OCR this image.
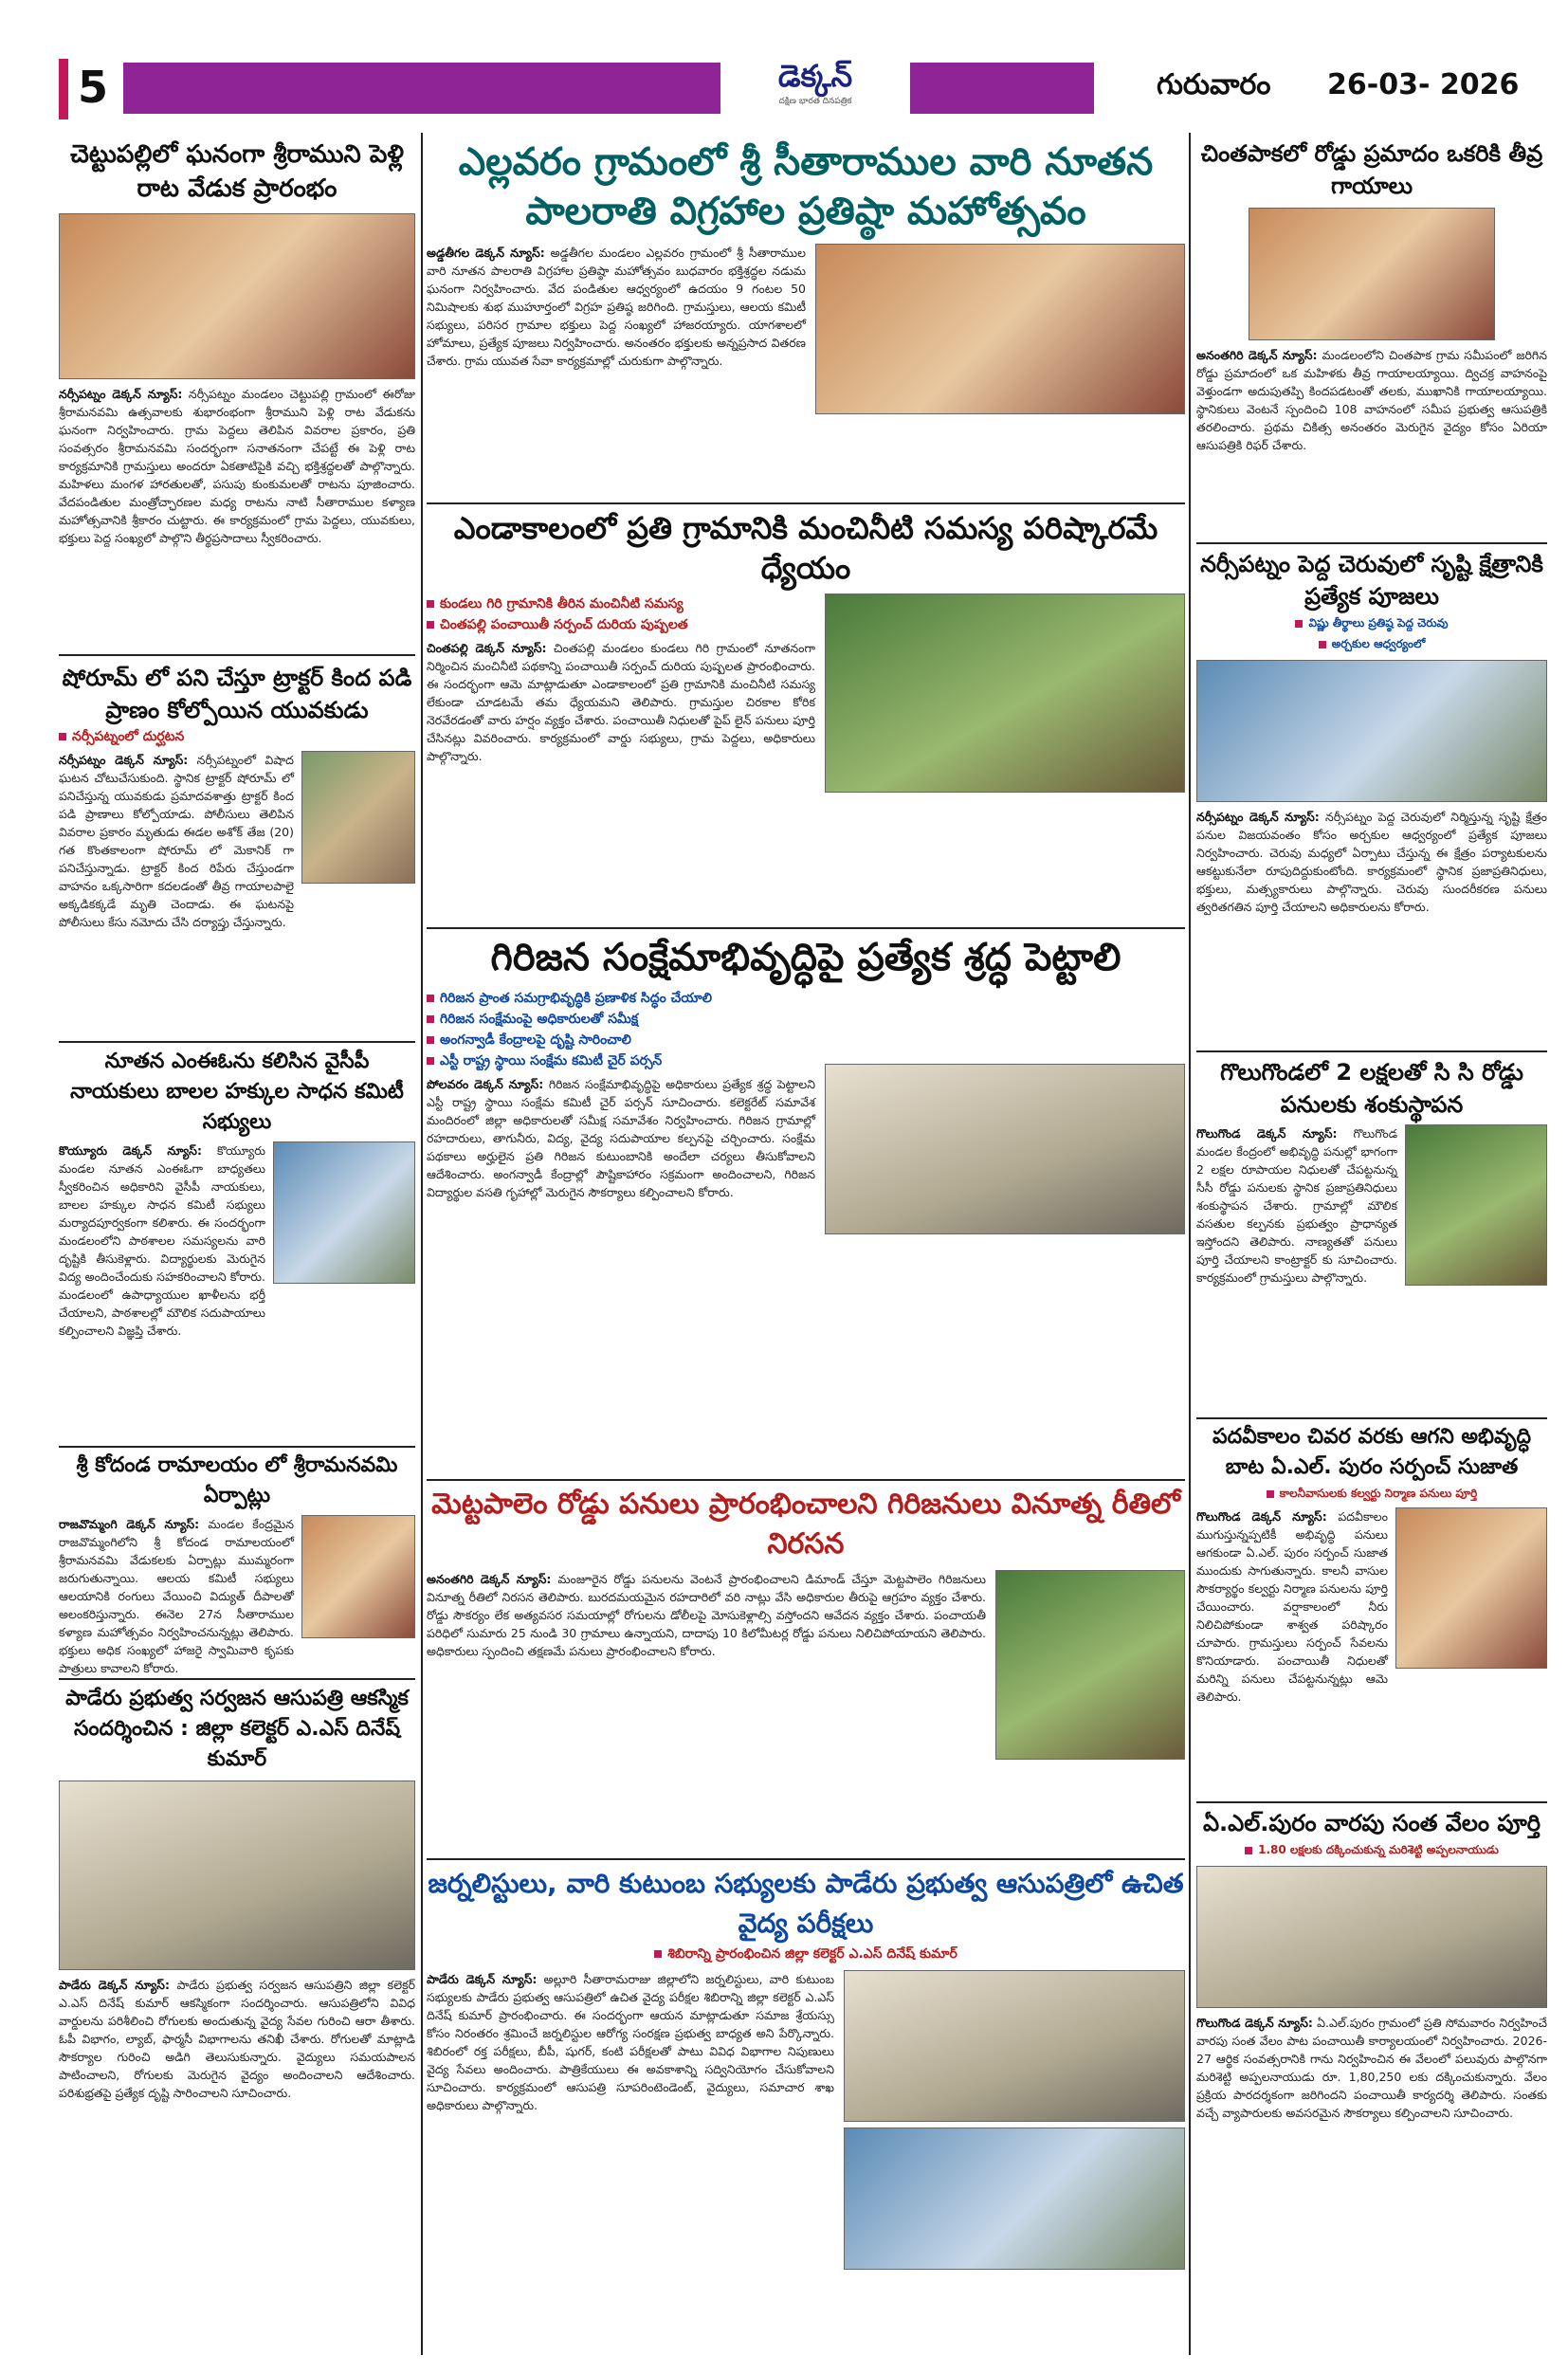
5	డెక్కన్
దక్షిణ భారత దినపత్రిక	గురువారం 26-03- 2026
చెట్టుపల్లిలో ఘనంగా శ్రీరాముని పెళ్లి రాట వేడుక ప్రారంభం
నర్సీపట్నం డెక్కన్ న్యూస్: నర్సీపట్నం మండలం చెట్టుపల్లి గ్రామంలో ఈరోజు శ్రీరామనవమి ఉత్సవాలకు శుభారంభంగా శ్రీరాముని పెళ్లి రాట వేడుకను ఘనంగా నిర్వహించారు. గ్రామ పెద్దలు తెలిపిన వివరాల ప్రకారం, ప్రతి సంవత్సరం శ్రీరామనవమి సందర్భంగా సనాతనంగా చేపట్టే ఈ పెళ్లి రాట కార్యక్రమానికి గ్రామస్తులు అందరూ ఏకతాటిపైకి వచ్చి భక్తిశ్రద్ధలతో పాల్గొన్నారు. మహిళలు మంగళ హారతులతో, పసుపు కుంకుమలతో రాటను పూజించారు. వేదపండితుల మంత్రోచ్ఛారణల మధ్య రాటను నాటి సీతారాముల కళ్యాణ మహోత్సవానికి శ్రీకారం చుట్టారు. ఈ కార్యక్రమంలో గ్రామ పెద్దలు, యువకులు, భక్తులు పెద్ద సంఖ్యలో పాల్గొని తీర్థప్రసాదాలు స్వీకరించారు.
షోరూమ్ లో పని చేస్తూ ట్రాక్టర్ కింద పడి ప్రాణం కోల్పోయిన యువకుడు
నర్సీపట్నంలో దుర్ఘటన
నర్సీపట్నం డెక్కన్ న్యూస్: నర్సీపట్నంలో విషాద ఘటన చోటుచేసుకుంది. స్థానిక ట్రాక్టర్ షోరూమ్ లో పనిచేస్తున్న యువకుడు ప్రమాదవశాత్తు ట్రాక్టర్ కింద పడి ప్రాణాలు కోల్పోయాడు. పోలీసులు తెలిపిన వివరాల ప్రకారం మృతుడు ఈడల అశోక్ తేజ (20) గత కొంతకాలంగా షోరూమ్ లో మెకానిక్ గా పనిచేస్తున్నాడు. ట్రాక్టర్ కింద రిపేరు చేస్తుండగా వాహనం ఒక్కసారిగా కదలడంతో తీవ్ర గాయాలపాలై అక్కడికక్కడే మృతి చెందాడు. ఈ ఘటనపై పోలీసులు కేసు నమోదు చేసి దర్యాప్తు చేస్తున్నారు.
నూతన ఎంఈఓను కలిసిన వైసీపీ నాయకులు బాలల హక్కుల సాధన కమిటీ సభ్యులు
కొయ్యూరు డెక్కన్ న్యూస్: కొయ్యూరు మండల నూతన ఎంఈఓగా బాధ్యతలు స్వీకరించిన అధికారిని వైసీపీ నాయకులు, బాలల హక్కుల సాధన కమిటీ సభ్యులు మర్యాదపూర్వకంగా కలిశారు. ఈ సందర్భంగా మండలంలోని పాఠశాలల సమస్యలను వారి దృష్టికి తీసుకెళ్లారు. విద్యార్థులకు మెరుగైన విద్య అందించేందుకు సహకరించాలని కోరారు. మండలంలో ఉపాధ్యాయుల ఖాళీలను భర్తీ చేయాలని, పాఠశాలల్లో మౌలిక సదుపాయాలు కల్పించాలని విజ్ఞప్తి చేశారు.
శ్రీ కోదండ రామాలయం లో శ్రీరామనవమి ఏర్పాట్లు
రాజవొమ్మంగి డెక్కన్ న్యూస్: మండల కేంద్రమైన రాజవొమ్మంగిలోని శ్రీ కోదండ రామాలయంలో శ్రీరామనవమి వేడుకలకు ఏర్పాట్లు ముమ్మరంగా జరుగుతున్నాయి. ఆలయ కమిటీ సభ్యులు ఆలయానికి రంగులు వేయించి విద్యుత్ దీపాలతో అలంకరిస్తున్నారు. ఈనెల 27న సీతారాముల కళ్యాణ మహోత్సవం నిర్వహించనున్నట్లు తెలిపారు. భక్తులు అధిక సంఖ్యలో హాజరై స్వామివారి కృపకు పాత్రులు కావాలని కోరారు.
పాడేరు ప్రభుత్వ సర్వజన ఆసుపత్రి ఆకస్మిక సందర్శించిన : జిల్లా కలెక్టర్ ఎ.ఎస్ దినేష్ కుమార్
పాడేరు డెక్కన్ న్యూస్: పాడేరు ప్రభుత్వ సర్వజన ఆసుపత్రిని జిల్లా కలెక్టర్ ఎ.ఎస్ దినేష్ కుమార్ ఆకస్మికంగా సందర్శించారు. ఆసుపత్రిలోని వివిధ వార్డులను పరిశీలించి రోగులకు అందుతున్న వైద్య సేవల గురించి ఆరా తీశారు. ఓపీ విభాగం, ల్యాబ్, ఫార్మసీ విభాగాలను తనిఖీ చేశారు. రోగులతో మాట్లాడి సౌకర్యాల గురించి అడిగి తెలుసుకున్నారు. వైద్యులు సమయపాలన పాటించాలని, రోగులకు మెరుగైన వైద్యం అందించాలని ఆదేశించారు. పరిశుభ్రతపై ప్రత్యేక దృష్టి సారించాలని సూచించారు.
ఎల్లవరం గ్రామంలో శ్రీ సీతారాముల వారి నూతన పాలరాతి విగ్రహాల ప్రతిష్ఠా మహోత్సవం
అడ్డతీగల డెక్కన్ న్యూస్: అడ్డతీగల మండలం ఎల్లవరం గ్రామంలో శ్రీ సీతారాముల వారి నూతన పాలరాతి విగ్రహాల ప్రతిష్ఠా మహోత్సవం బుధవారం భక్తిశ్రద్ధల నడుమ ఘనంగా నిర్వహించారు. వేద పండితుల ఆధ్వర్యంలో ఉదయం 9 గంటల 50 నిమిషాలకు శుభ ముహూర్తంలో విగ్రహ ప్రతిష్ఠ జరిగింది. గ్రామస్తులు, ఆలయ కమిటీ సభ్యులు, పరిసర గ్రామాల భక్తులు పెద్ద సంఖ్యలో హాజరయ్యారు. యాగశాలలో హోమాలు, ప్రత్యేక పూజలు నిర్వహించారు. అనంతరం భక్తులకు అన్నప్రసాద వితరణ చేశారు. గ్రామ యువత సేవా కార్యక్రమాల్లో చురుకుగా పాల్గొన్నారు.
ఎండాకాలంలో ప్రతి గ్రామానికి మంచినీటి సమస్య పరిష్కారమే ధ్యేయం
కుండలు గిరి గ్రామానికి తీరిన మంచినీటి సమస్య
చింతపల్లి పంచాయితీ సర్పంచ్ దురియ పుష్పలత
చింతపల్లి డెక్కన్ న్యూస్: చింతపల్లి మండలం కుండలు గిరి గ్రామంలో నూతనంగా నిర్మించిన మంచినీటి పథకాన్ని పంచాయితీ సర్పంచ్ దురియ పుష్పలత ప్రారంభించారు. ఈ సందర్భంగా ఆమె మాట్లాడుతూ ఎండాకాలంలో ప్రతి గ్రామానికి మంచినీటి సమస్య లేకుండా చూడటమే తమ ధ్యేయమని తెలిపారు. గ్రామస్తుల చిరకాల కోరిక నెరవేరడంతో వారు హర్షం వ్యక్తం చేశారు. పంచాయితీ నిధులతో పైప్ లైన్ పనులు పూర్తి చేసినట్లు వివరించారు. కార్యక్రమంలో వార్డు సభ్యులు, గ్రామ పెద్దలు, అధికారులు పాల్గొన్నారు.
గిరిజన సంక్షేమాభివృద్ధిపై ప్రత్యేక శ్రద్ధ పెట్టాలి
గిరిజన ప్రాంత సమగ్రాభివృద్ధికి ప్రణాళిక సిద్ధం చేయాలి
గిరిజన సంక్షేమంపై అధికారులతో సమీక్ష
అంగన్వాడీ కేంద్రాలపై దృష్టి సారించాలి
ఎస్టీ రాష్ట్ర స్థాయి సంక్షేమ కమిటీ చైర్ పర్సన్
పోలవరం డెక్కన్ న్యూస్: గిరిజన సంక్షేమాభివృద్ధిపై అధికారులు ప్రత్యేక శ్రద్ధ పెట్టాలని ఎస్టీ రాష్ట్ర స్థాయి సంక్షేమ కమిటీ చైర్ పర్సన్ సూచించారు. కలెక్టరేట్ సమావేశ మందిరంలో జిల్లా అధికారులతో సమీక్ష సమావేశం నిర్వహించారు. గిరిజన గ్రామాల్లో రహదారులు, తాగునీరు, విద్య, వైద్య సదుపాయాల కల్పనపై చర్చించారు. సంక్షేమ పథకాలు అర్హులైన ప్రతి గిరిజన కుటుంబానికి అందేలా చర్యలు తీసుకోవాలని ఆదేశించారు. అంగన్వాడీ కేంద్రాల్లో పౌష్టికాహారం సక్రమంగా అందించాలని, గిరిజన విద్యార్థుల వసతి గృహాల్లో మెరుగైన సౌకర్యాలు కల్పించాలని కోరారు.
మెట్టపాలెం రోడ్డు పనులు ప్రారంభించాలని గిరిజనులు వినూత్న రీతిలో నిరసన
అనంతగిరి డెక్కన్ న్యూస్: మంజూరైన రోడ్డు పనులను వెంటనే ప్రారంభించాలని డిమాండ్ చేస్తూ మెట్టపాలెం గిరిజనులు వినూత్న రీతిలో నిరసన తెలిపారు. బురదమయమైన రహదారిలో వరి నాట్లు వేసి అధికారుల తీరుపై ఆగ్రహం వ్యక్తం చేశారు. రోడ్డు సౌకర్యం లేక అత్యవసర సమయాల్లో రోగులను డోలీలపై మోసుకెళ్లాల్సి వస్తోందని ఆవేదన వ్యక్తం చేశారు. పంచాయతీ పరిధిలో సుమారు 25 నుండి 30 గ్రామాలు ఉన్నాయని, దాదాపు 10 కిలోమీటర్ల రోడ్డు పనులు నిలిచిపోయాయని తెలిపారు. అధికారులు స్పందించి తక్షణమే పనులు ప్రారంభించాలని కోరారు.
జర్నలిస్టులు, వారి కుటుంబ సభ్యులకు పాడేరు ప్రభుత్వ ఆసుపత్రిలో ఉచిత వైద్య పరీక్షలు
శిబిరాన్ని ప్రారంభించిన జిల్లా కలెక్టర్ ఎ.ఎస్ దినేష్ కుమార్
పాడేరు డెక్కన్ న్యూస్: అల్లూరి సీతారామరాజు జిల్లాలోని జర్నలిస్టులు, వారి కుటుంబ సభ్యులకు పాడేరు ప్రభుత్వ ఆసుపత్రిలో ఉచిత వైద్య పరీక్షల శిబిరాన్ని జిల్లా కలెక్టర్ ఎ.ఎస్ దినేష్ కుమార్ ప్రారంభించారు. ఈ సందర్భంగా ఆయన మాట్లాడుతూ సమాజ శ్రేయస్సు కోసం నిరంతరం శ్రమించే జర్నలిస్టుల ఆరోగ్య సంరక్షణ ప్రభుత్వ బాధ్యత అని పేర్కొన్నారు. శిబిరంలో రక్త పరీక్షలు, బీపీ, షుగర్, కంటి పరీక్షలతో పాటు వివిధ విభాగాల నిపుణులు వైద్య సేవలు అందించారు. పాత్రికేయులు ఈ అవకాశాన్ని సద్వినియోగం చేసుకోవాలని సూచించారు. కార్యక్రమంలో ఆసుపత్రి సూపరింటెండెంట్, వైద్యులు, సమాచార శాఖ అధికారులు పాల్గొన్నారు.
చింతపాకలో రోడ్డు ప్రమాదం ఒకరికి తీవ్ర గాయాలు
అనంతగిరి డెక్కన్ న్యూస్: మండలంలోని చింతపాక గ్రామ సమీపంలో జరిగిన రోడ్డు ప్రమాదంలో ఒక మహిళకు తీవ్ర గాయాలయ్యాయి. ద్విచక్ర వాహనంపై వెళ్తుండగా అదుపుతప్పి కిందపడటంతో తలకు, ముఖానికి గాయాలయ్యాయి. స్థానికులు వెంటనే స్పందించి 108 వాహనంలో సమీప ప్రభుత్వ ఆసుపత్రికి తరలించారు. ప్రథమ చికిత్స అనంతరం మెరుగైన వైద్యం కోసం ఏరియా ఆసుపత్రికి రిఫర్ చేశారు.
నర్సీపట్నం పెద్ద చెరువులో సృష్టి క్షేత్రానికి ప్రత్యేక పూజలు
విష్ణు తీర్థాలు ప్రతిష్ఠ పెద్ద చెరువు
అర్చకుల ఆధ్వర్యంలో
నర్సీపట్నం డెక్కన్ న్యూస్: నర్సీపట్నం పెద్ద చెరువులో నిర్మిస్తున్న సృష్టి క్షేత్రం పనుల విజయవంతం కోసం అర్చకుల ఆధ్వర్యంలో ప్రత్యేక పూజలు నిర్వహించారు. చెరువు మధ్యలో ఏర్పాటు చేస్తున్న ఈ క్షేత్రం పర్యాటకులను ఆకట్టుకునేలా రూపుదిద్దుకుంటోంది. కార్యక్రమంలో స్థానిక ప్రజాప్రతినిధులు, భక్తులు, మత్స్యకారులు పాల్గొన్నారు. చెరువు సుందరీకరణ పనులు త్వరితగతిన పూర్తి చేయాలని అధికారులను కోరారు.
గొలుగొండలో 2 లక్షలతో సి సి రోడ్డు పనులకు శంకుస్థాపన
గొలుగొండ డెక్కన్ న్యూస్: గొలుగొండ మండల కేంద్రంలో అభివృద్ధి పనుల్లో భాగంగా 2 లక్షల రూపాయల నిధులతో చేపట్టనున్న సీసీ రోడ్డు పనులకు స్థానిక ప్రజాప్రతినిధులు శంకుస్థాపన చేశారు. గ్రామాల్లో మౌలిక వసతుల కల్పనకు ప్రభుత్వం ప్రాధాన్యత ఇస్తోందని తెలిపారు. నాణ్యతతో పనులు పూర్తి చేయాలని కాంట్రాక్టర్ కు సూచించారు. కార్యక్రమంలో గ్రామస్తులు పాల్గొన్నారు.
పదవీకాలం చివర వరకు ఆగని అభివృద్ధి బాట ఏ.ఎల్. పురం సర్పంచ్ సుజాత
కాలనీవాసులకు కల్వర్టు నిర్మాణ పనులు పూర్తి
గొలుగొండ డెక్కన్ న్యూస్: పదవీకాలం ముగుస్తున్నప్పటికీ అభివృద్ధి పనులు ఆగకుండా ఏ.ఎల్. పురం సర్పంచ్ సుజాత ముందుకు సాగుతున్నారు. కాలనీ వాసుల సౌకర్యార్థం కల్వర్టు నిర్మాణ పనులను పూర్తి చేయించారు. వర్షాకాలంలో నీరు నిలిచిపోకుండా శాశ్వత పరిష్కారం చూపారు. గ్రామస్తులు సర్పంచ్ సేవలను కొనియాడారు. పంచాయితీ నిధులతో మరిన్ని పనులు చేపట్టనున్నట్లు ఆమె తెలిపారు.
ఏ.ఎల్.పురం వారపు సంత వేలం పూర్తి
1.80 లక్షలకు దక్కించుకున్న మరిశెట్టి అప్పలనాయుడు
గొలుగొండ డెక్కన్ న్యూస్: ఏ.ఎల్.పురం గ్రామంలో ప్రతి సోమవారం నిర్వహించే వారపు సంత వేలం పాట పంచాయితీ కార్యాలయంలో నిర్వహించారు. 2026-27 ఆర్థిక సంవత్సరానికి గాను నిర్వహించిన ఈ వేలంలో పలువురు పాల్గొనగా మరిశెట్టి అప్పలనాయుడు రూ. 1,80,250 లకు దక్కించుకున్నారు. వేలం ప్రక్రియ పారదర్శకంగా జరిగిందని పంచాయితీ కార్యదర్శి తెలిపారు. సంతకు వచ్చే వ్యాపారులకు అవసరమైన సౌకర్యాలు కల్పించాలని సూచించారు.
